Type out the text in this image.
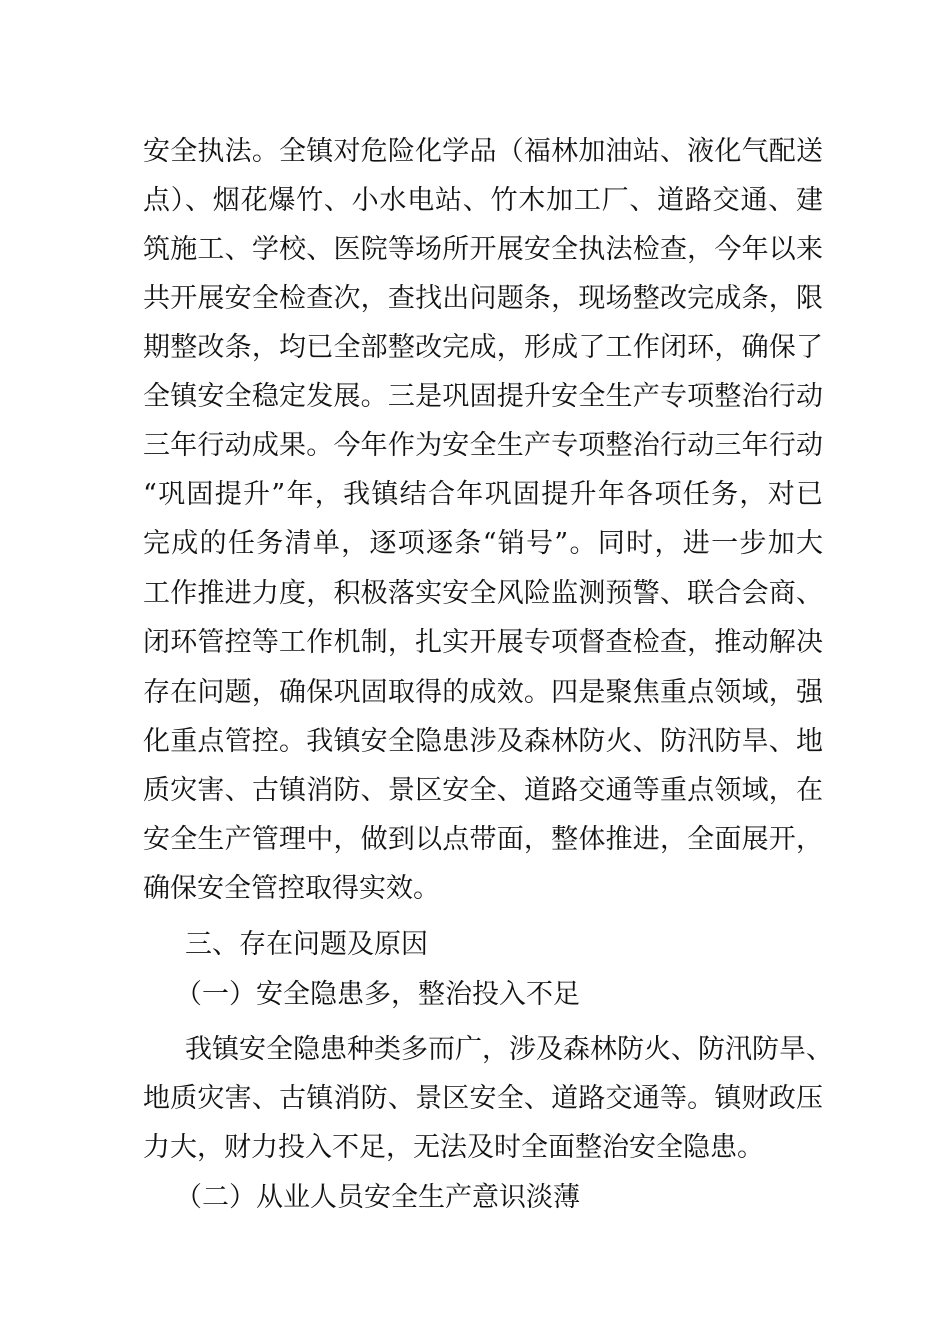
安全执法。全镇对危险化学品（福林加油站、液化气配送
点）、烟花爆竹、小水电站、竹木加工厂、道路交通、建
筑施工、学校、医院等场所开展安全执法检查，今年以来
共开展安全检查次，查找出问题条，现场整改完成条，限
期整改条，均已全部整改完成，形成了工作闭环，确保了
全镇安全稳定发展。三是巩固提升安全生产专项整治行动
三年行动成果。今年作为安全生产专项整治行动三年行动
“巩固提升”年，我镇结合年巩固提升年各项任务，对已
完成的任务清单，逐项逐条“销号”。同时，进一步加大
工作推进力度，积极落实安全风险监测预警、联合会商、
闭环管控等工作机制，扎实开展专项督查检查，推动解决
存在问题，确保巩固取得的成效。四是聚焦重点领域，强
化重点管控。我镇安全隐患涉及森林防火、防汛防旱、地
质灾害、古镇消防、景区安全、道路交通等重点领域，在
安全生产管理中，做到以点带面，整体推进，全面展开，
确保安全管控取得实效。
三、存在问题及原因
（一）安全隐患多，整治投入不足
我镇安全隐患种类多而广，涉及森林防火、防汛防旱、
地质灾害、古镇消防、景区安全、道路交通等。镇财政压
力大，财力投入不足，无法及时全面整治安全隐患。
（二）从业人员安全生产意识淡薄
